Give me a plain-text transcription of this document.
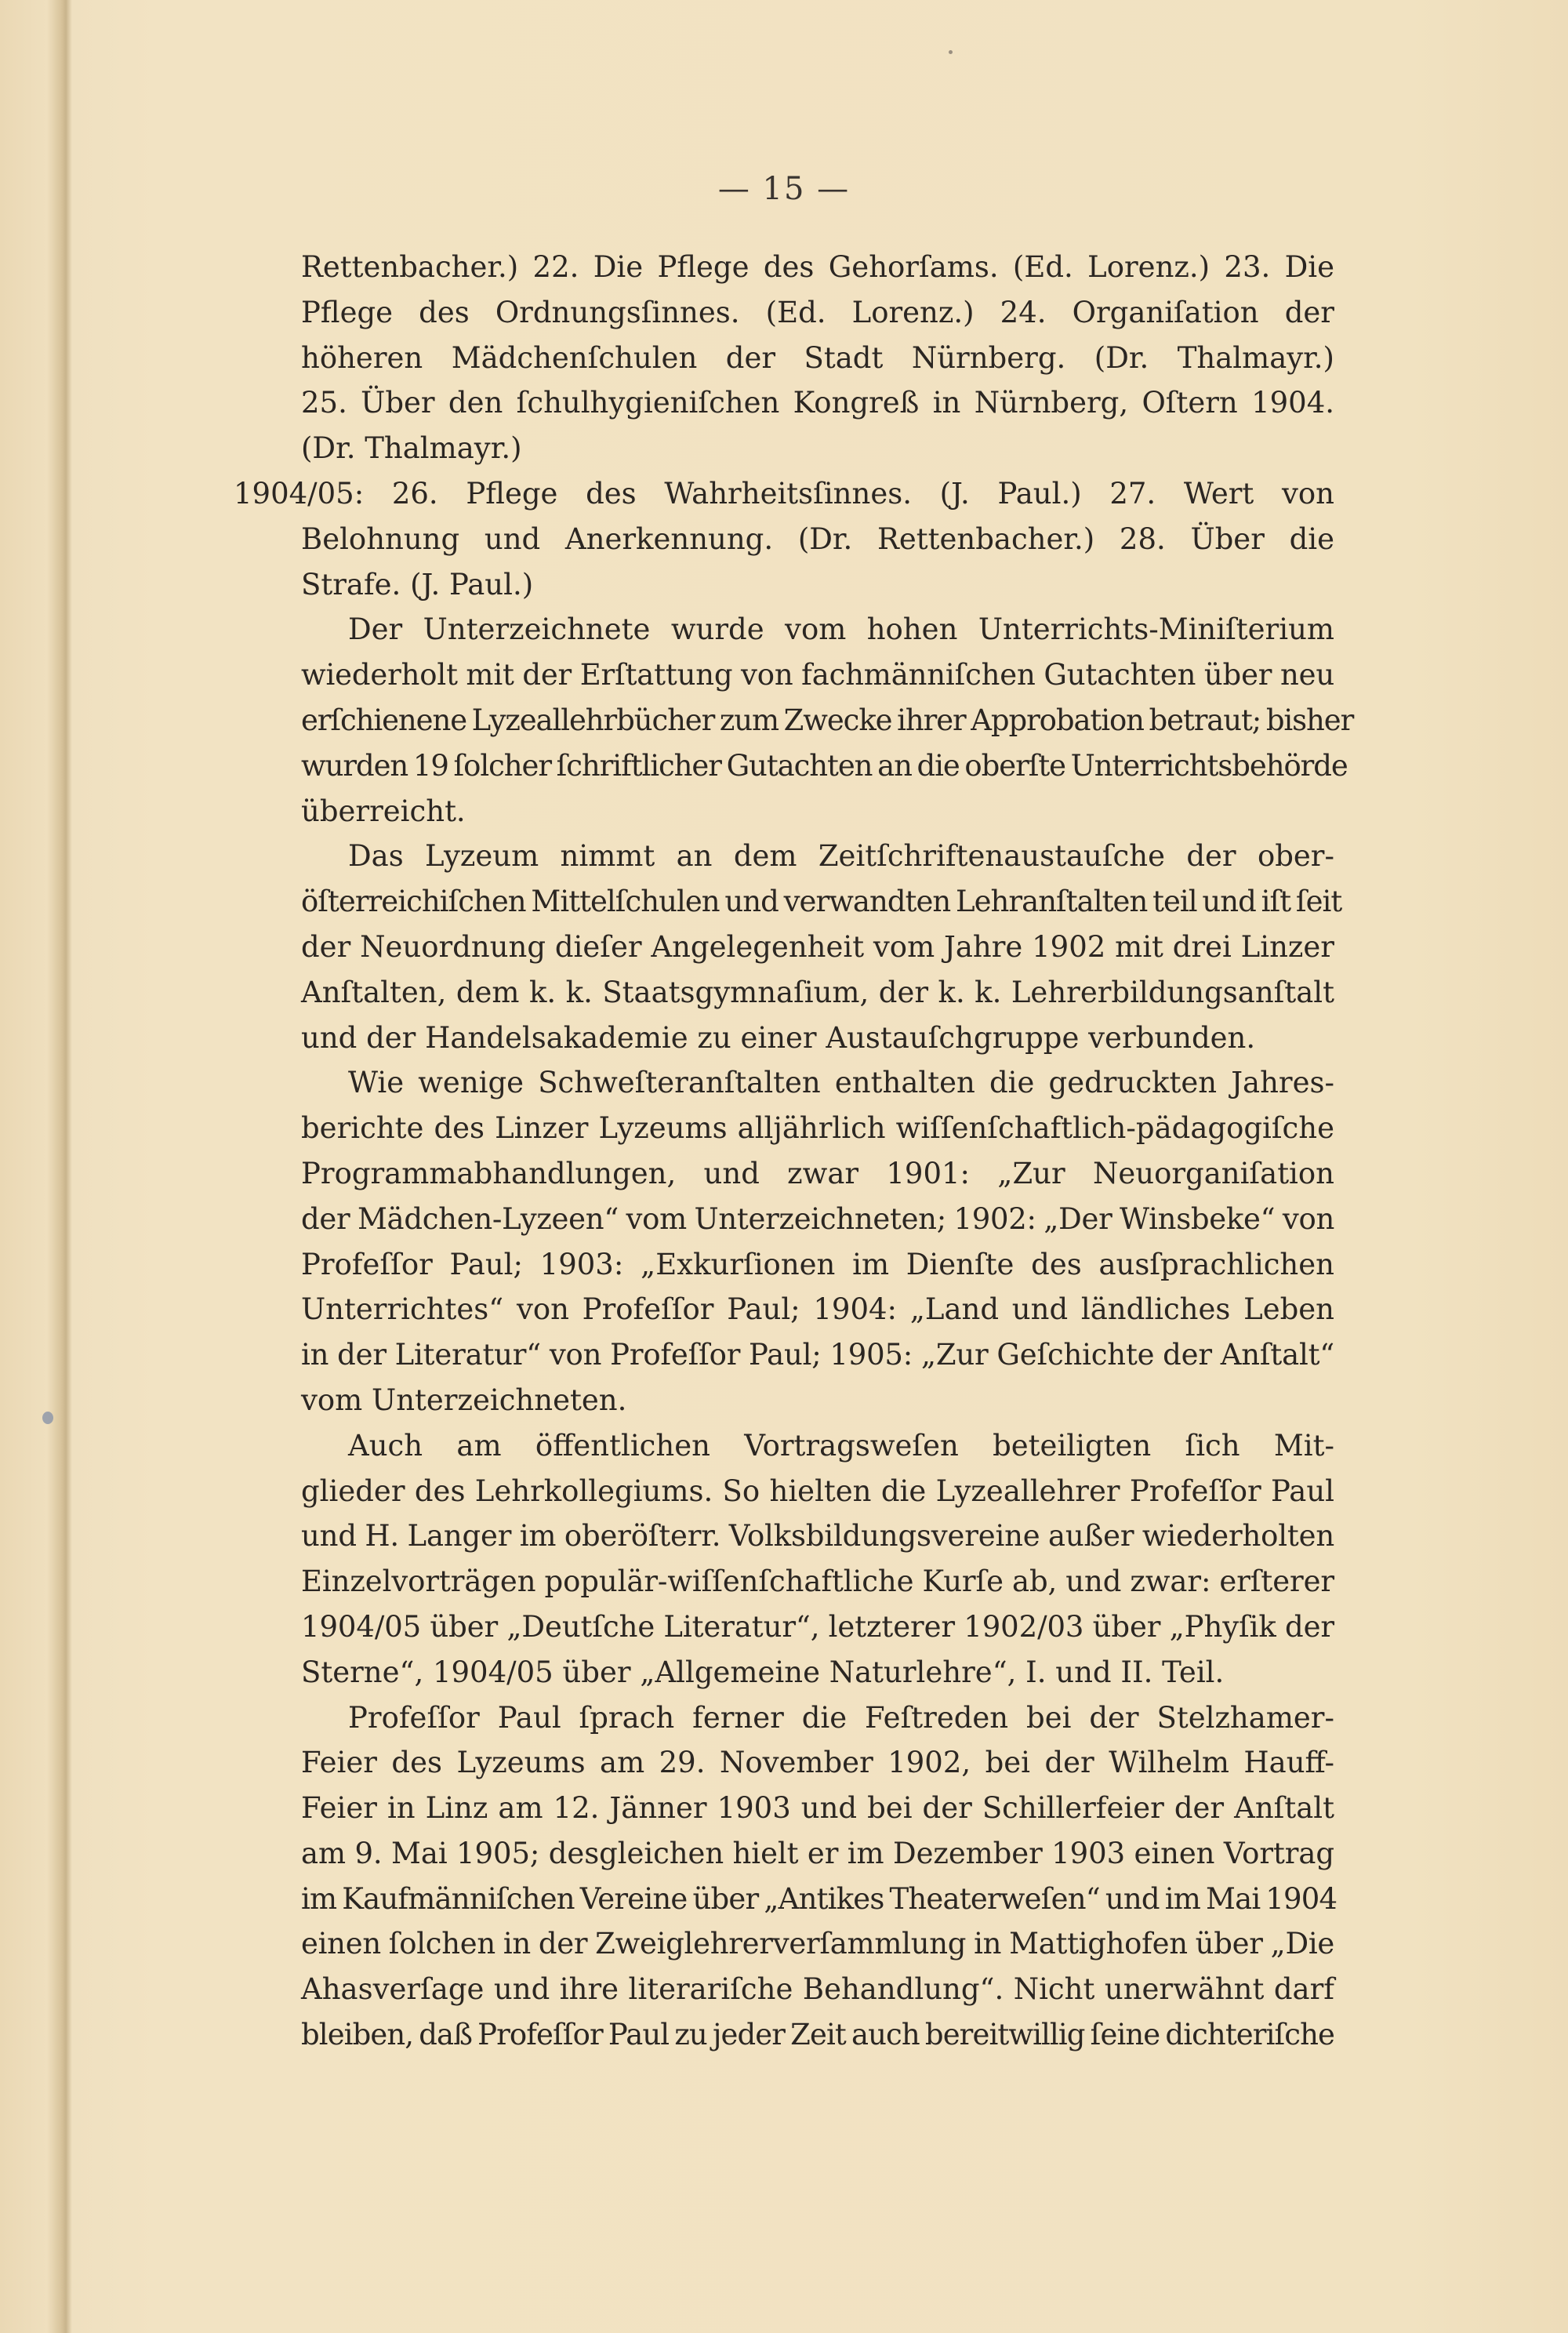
— 15 —
Rettenbacher.) 22. Die Pflege des Gehorſams. (Ed. Lorenz.) 23. Die
Pflege des Ordnungsſinnes. (Ed. Lorenz.) 24. Organiſation der
höheren Mädchenſchulen der Stadt Nürnberg. (Dr. Thalmayr.)
25. Über den ſchulhygieniſchen Kongreß in Nürnberg, Oſtern 1904.
(Dr. Thalmayr.)
1904/05: 26. Pflege des Wahrheitsſinnes. (J. Paul.) 27. Wert von
Belohnung und Anerkennung. (Dr. Rettenbacher.) 28. Über die
Strafe. (J. Paul.)
Der Unterzeichnete wurde vom hohen Unterrichts-Miniſterium
wiederholt mit der Erſtattung von fachmänniſchen Gutachten über neu
erſchienene Lyzeallehrbücher zum Zwecke ihrer Approbation betraut; bisher
wurden 19 ſolcher ſchriftlicher Gutachten an die oberſte Unterrichtsbehörde
überreicht.
Das Lyzeum nimmt an dem Zeitſchriftenaustauſche der ober-
öſterreichiſchen Mittelſchulen und verwandten Lehranſtalten teil und iſt ſeit
der Neuordnung dieſer Angelegenheit vom Jahre 1902 mit drei Linzer
Anſtalten, dem k. k. Staatsgymnaſium, der k. k. Lehrerbildungsanſtalt
und der Handelsakademie zu einer Austauſchgruppe verbunden.
Wie wenige Schweſteranſtalten enthalten die gedruckten Jahres-
berichte des Linzer Lyzeums alljährlich wiſſenſchaftlich-pädagogiſche
Programmabhandlungen, und zwar 1901: „Zur Neuorganiſation
der Mädchen-Lyzeen“ vom Unterzeichneten; 1902: „Der Winsbeke“ von
Profeſſor Paul; 1903: „Exkurſionen im Dienſte des ausſprachlichen
Unterrichtes“ von Profeſſor Paul; 1904: „Land und ländliches Leben
in der Literatur“ von Profeſſor Paul; 1905: „Zur Geſchichte der Anſtalt“
vom Unterzeichneten.
Auch am öffentlichen Vortragsweſen beteiligten ſich Mit-
glieder des Lehrkollegiums. So hielten die Lyzeallehrer Profeſſor Paul
und H. Langer im oberöſterr. Volksbildungsvereine außer wiederholten
Einzelvorträgen populär-wiſſenſchaftliche Kurſe ab, und zwar: erſterer
1904/05 über „Deutſche Literatur“, letzterer 1902/03 über „Phyſik der
Sterne“, 1904/05 über „Allgemeine Naturlehre“, I. und II. Teil.
Profeſſor Paul ſprach ferner die Feſtreden bei der Stelzhamer-
Feier des Lyzeums am 29. November 1902, bei der Wilhelm Hauff-
Feier in Linz am 12. Jänner 1903 und bei der Schillerfeier der Anſtalt
am 9. Mai 1905; desgleichen hielt er im Dezember 1903 einen Vortrag
im Kaufmänniſchen Vereine über „Antikes Theaterweſen“ und im Mai 1904
einen ſolchen in der Zweiglehrerverſammlung in Mattighofen über „Die
Ahasverſage und ihre literariſche Behandlung“. Nicht unerwähnt darf
bleiben, daß Profeſſor Paul zu jeder Zeit auch bereitwillig ſeine dichteriſche
